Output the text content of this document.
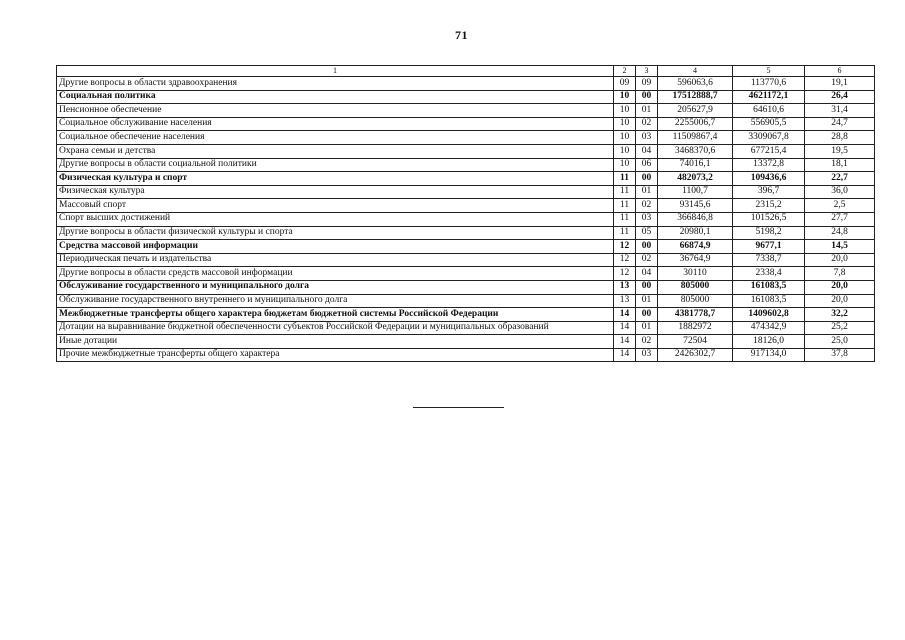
71
1	2	3	4	5	6
Другие вопросы в области здравоохранения	09	09	596063,6	113770,6	19,1
Социальная политика	10	00	17512888,7	4621172,1	26,4
Пенсионное обеспечение	10	01	205627,9	64610,6	31,4
Социальное обслуживание населения	10	02	2255006,7	556905,5	24,7
Социальное обеспечение населения	10	03	11509867,4	3309067,8	28,8
Охрана семьи и детства	10	04	3468370,6	677215,4	19,5
Другие вопросы в области социальной политики	10	06	74016,1	13372,8	18,1
Физическая культура и спорт	11	00	482073,2	109436,6	22,7
Физическая культура	11	01	1100,7	396,7	36,0
Массовый спорт	11	02	93145,6	2315,2	2,5
Спорт высших достижений	11	03	366846,8	101526,5	27,7
Другие вопросы в области физической культуры и спорта	11	05	20980,1	5198,2	24,8
Средства массовой информации	12	00	66874,9	9677,1	14,5
Периодическая печать и издательства	12	02	36764,9	7338,7	20,0
Другие вопросы в области средств массовой информации	12	04	30110	2338,4	7,8
Обслуживание государственного и муниципального долга	13	00	805000	161083,5	20,0
Обслуживание государственного внутреннего и муниципального долга	13	01	805000	161083,5	20,0
Межбюджетные трансферты общего характера бюджетам бюджетной системы Российской Федерации	14	00	4381778,7	1409602,8	32,2
Дотации на выравнивание бюджетной обеспеченности субъектов Российской Федерации и муниципальных образований	14	01	1882972	474342,9	25,2
Иные дотации	14	02	72504	18126,0	25,0
Прочие межбюджетные трансферты общего характера	14	03	2426302,7	917134,0	37,8
